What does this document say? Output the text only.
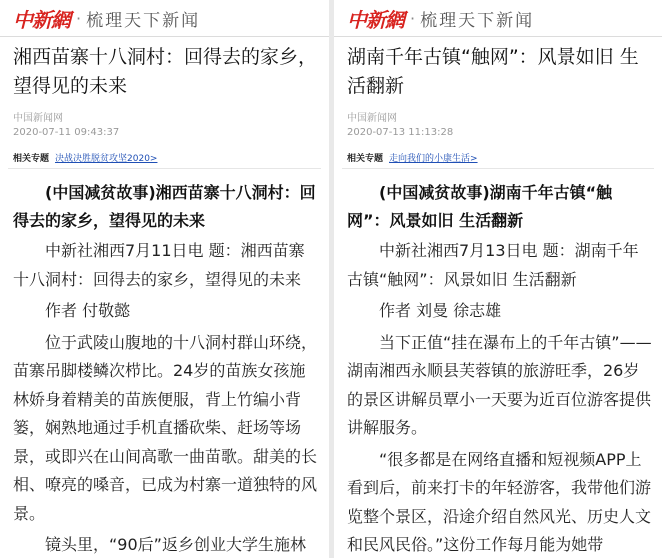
中新網 · 梳理天下新闻
湘西苗寨十八洞村：回得去的家乡，望得见的未来
中国新闻网
2020-07-11 09:43:37
相关专题 决战决胜脱贫攻坚2020>

(中国减贫故事)湘西苗寨十八洞村：回得去的家乡，望得见的未来

中新社湘西7月11日电 题：湘西苗寨十八洞村：回得去的家乡，望得见的未来

作者 付敬懿

位于武陵山腹地的十八洞村群山环绕，苗寨吊脚楼鳞次栉比。24岁的苗族女孩施林娇身着精美的苗族便服，背上竹编小背篓，娴熟地通过手机直播砍柴、赶场等场景，或即兴在山间高歌一曲苗歌。甜美的长相、嘹亮的嗓音，已成为村寨一道独特的风景。

镜头里，“90后”返乡创业大学生施林

中新網 · 梳理天下新闻
湖南千年古镇“触网”：风景如旧 生活翻新
中国新闻网
2020-07-13 11:13:28
相关专题 走向我们的小康生活>

(中国减贫故事)湖南千年古镇“触网”：风景如旧 生活翻新

中新社湘西7月13日电 题：湖南千年古镇“触网”：风景如旧 生活翻新

作者 刘曼 徐志雄

当下正值“挂在瀑布上的千年古镇”——湖南湘西永顺县芙蓉镇的旅游旺季，26岁的景区讲解员覃小一天要为近百位游客提供讲解服务。

“很多都是在网络直播和短视频APP上看到后，前来打卡的年轻游客，我带他们游览整个景区，沿途介绍自然风光、历史人文和民风民俗。”这份工作每月能为她带
